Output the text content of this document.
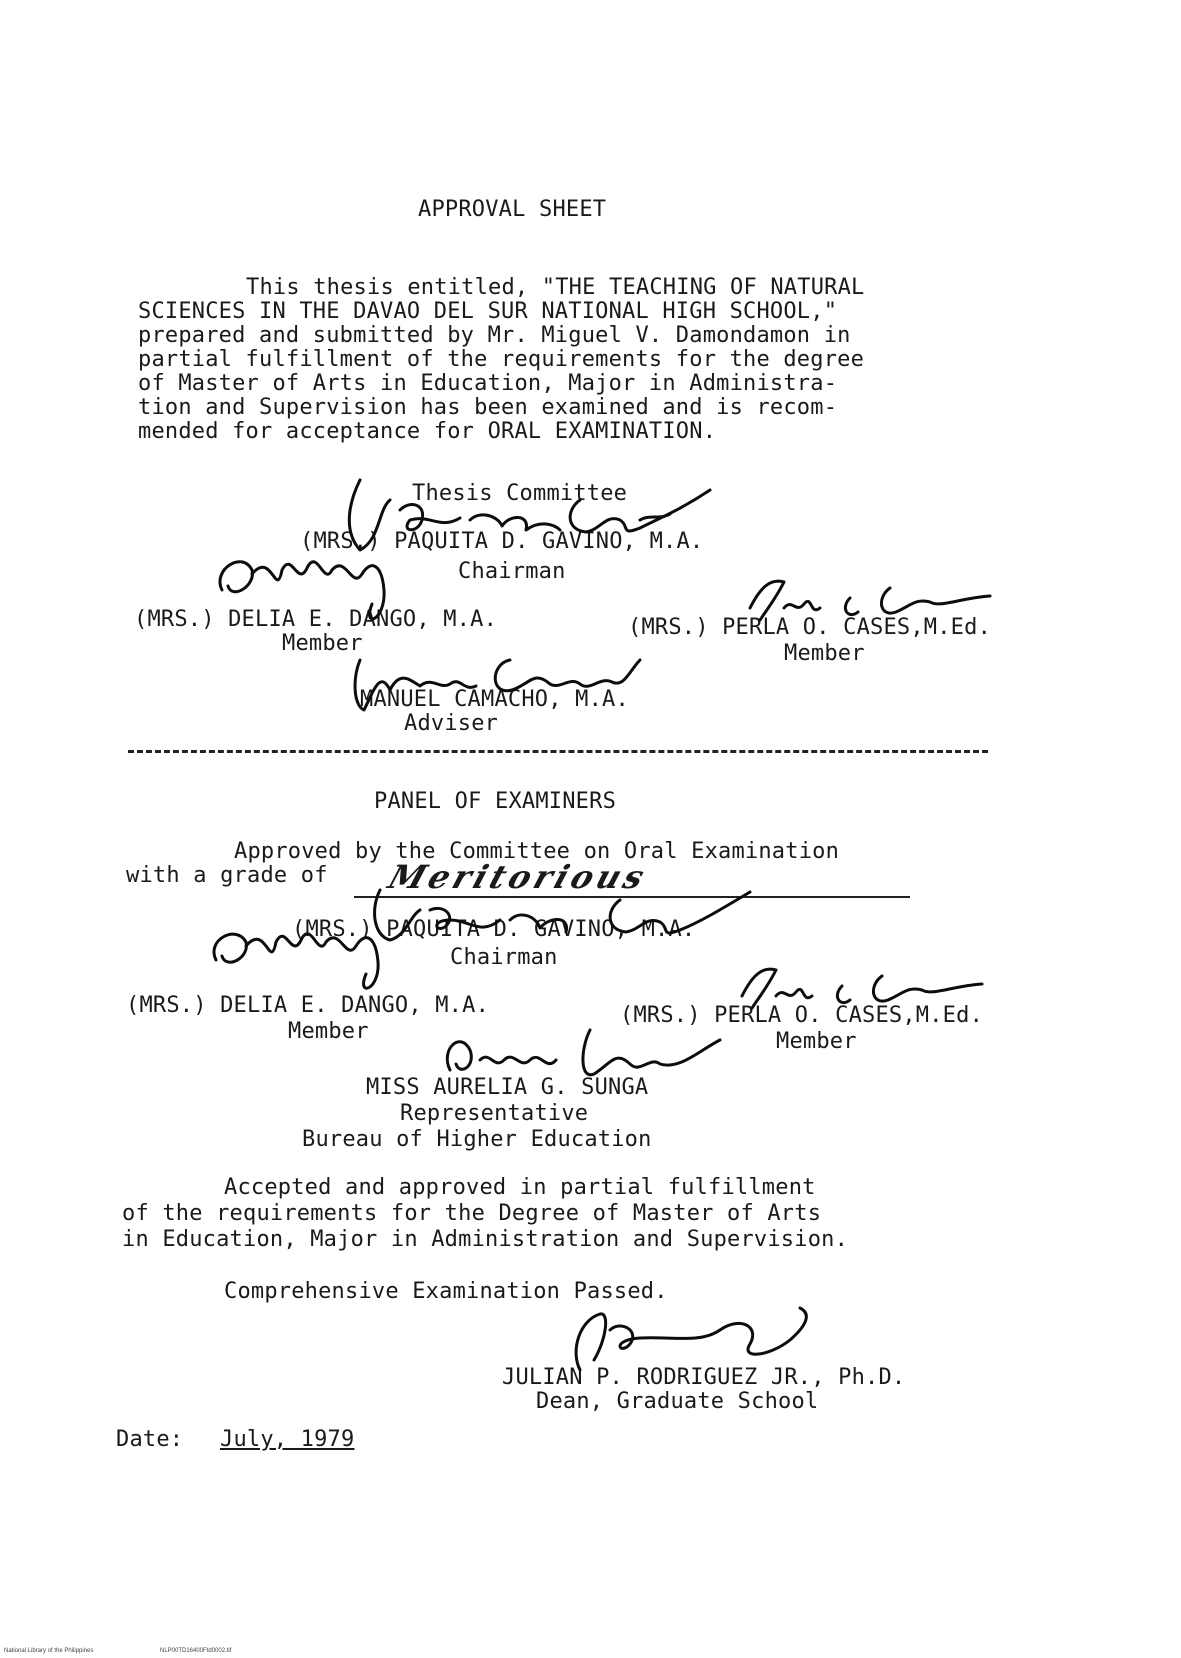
APPROVAL SHEET
This thesis entitled, "THE TEACHING OF NATURAL
SCIENCES IN THE DAVAO DEL SUR NATIONAL HIGH SCHOOL,"
prepared and submitted by Mr. Miguel V. Damondamon in
partial fulfillment of the requirements for the degree
of Master of Arts in Education, Major in Administra-
tion and Supervision has been examined and is recom-
mended for acceptance for ORAL EXAMINATION.
Thesis Committee
(MRS.) PAQUITA D. GAVINO, M.A.
Chairman
(MRS.) DELIA E. DANGO, M.A.
Member
(MRS.) PERLA O. CASES,M.Ed.
Member
MANUEL CAMACHO, M.A.
Adviser
PANEL OF EXAMINERS
Approved by the Committee on Oral Examination
with a grade of Meritorious
(MRS.) PAQUITA D. GAVINO, M.A.
Chairman
(MRS.) DELIA E. DANGO, M.A.
Member
(MRS.) PERLA O. CASES,M.Ed.
Member
MISS AURELIA G. SUNGA
Representative
Bureau of Higher Education
Accepted and approved in partial fulfillment
of the requirements for the Degree of Master of Arts
in Education, Major in Administration and Supervision.
Comprehensive Examination Passed.
JULIAN P. RODRIGUEZ JR., Ph.D.
Dean, Graduate School
Date: July, 1979
National Library of the Philippines	NLP00TD16400Ftd0002.tif
